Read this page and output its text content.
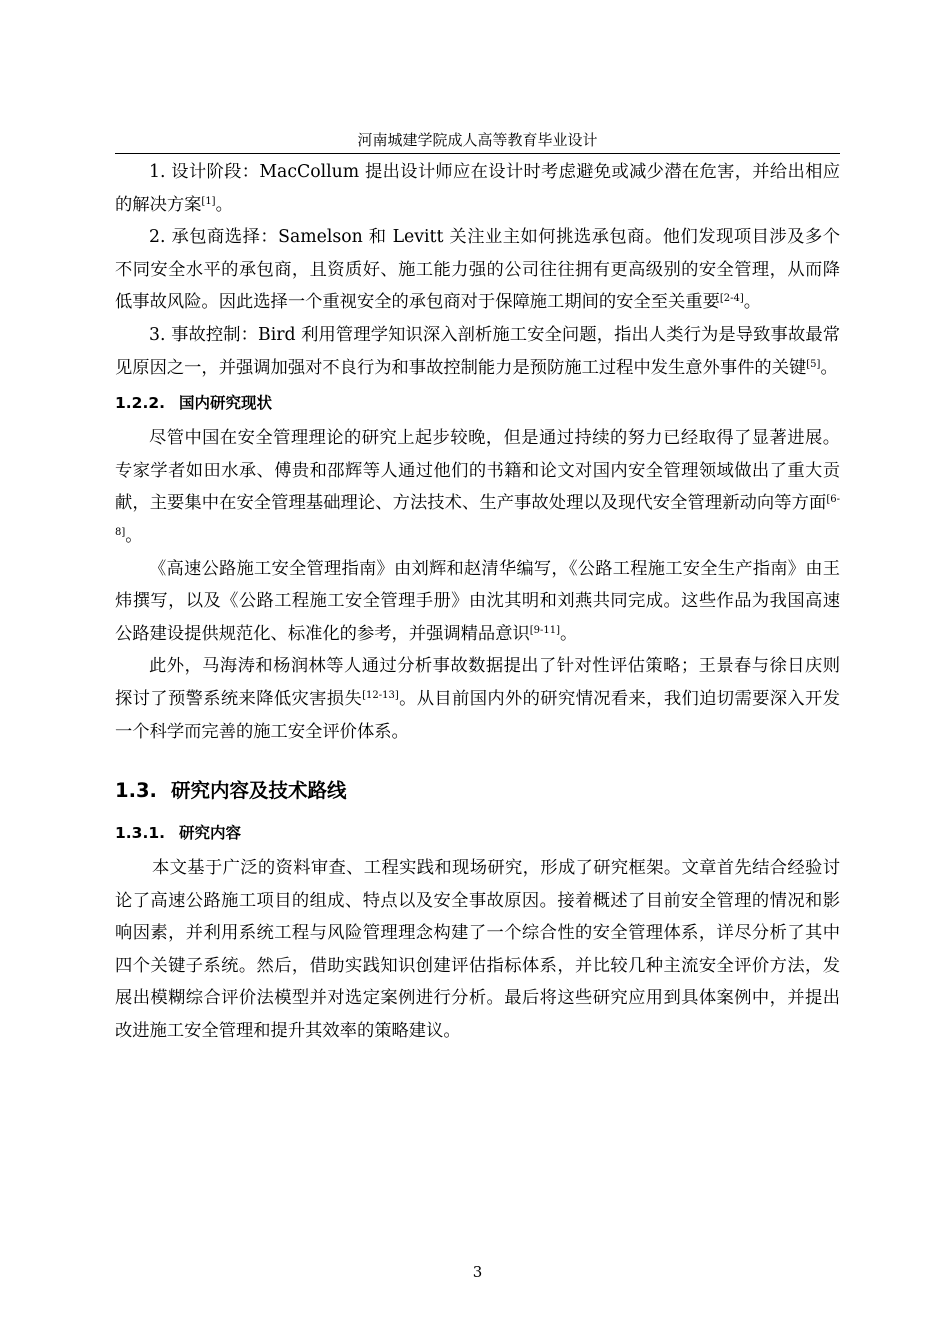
河南城建学院成人高等教育毕业设计

1. 设计阶段：MacCollum 提出设计师应在设计时考虑避免或减少潜在危害，并给出相应的解决方案[1]。

2. 承包商选择：Samelson 和 Levitt 关注业主如何挑选承包商。他们发现项目涉及多个不同安全水平的承包商，且资质好、施工能力强的公司往往拥有更高级别的安全管理，从而降低事故风险。因此选择一个重视安全的承包商对于保障施工期间的安全至关重要[2-4]。

3. 事故控制：Bird 利用管理学知识深入剖析施工安全问题，指出人类行为是导致事故最常见原因之一，并强调加强对不良行为和事故控制能力是预防施工过程中发生意外事件的关键[5]。

1.2.2. 国内研究现状

尽管中国在安全管理理论的研究上起步较晚，但是通过持续的努力已经取得了显著进展。专家学者如田水承、傅贵和邵辉等人通过他们的书籍和论文对国内安全管理领域做出了重大贡献，主要集中在安全管理基础理论、方法技术、生产事故处理以及现代安全管理新动向等方面[6-8]。

《高速公路施工安全管理指南》由刘辉和赵清华编写，《公路工程施工安全生产指南》由王炜撰写，以及《公路工程施工安全管理手册》由沈其明和刘燕共同完成。这些作品为我国高速公路建设提供规范化、标准化的参考，并强调精品意识[9-11]。

此外，马海涛和杨润林等人通过分析事故数据提出了针对性评估策略；王景春与徐日庆则探讨了预警系统来降低灾害损失[12-13]。从目前国内外的研究情况看来，我们迫切需要深入开发一个科学而完善的施工安全评价体系。

1.3. 研究内容及技术路线
1.3.1. 研究内容

本文基于广泛的资料审查、工程实践和现场研究，形成了研究框架。文章首先结合经验讨论了高速公路施工项目的组成、特点以及安全事故原因。接着概述了目前安全管理的情况和影响因素，并利用系统工程与风险管理理念构建了一个综合性的安全管理体系，详尽分析了其中四个关键子系统。然后，借助实践知识创建评估指标体系，并比较几种主流安全评价方法，发展出模糊综合评价法模型并对选定案例进行分析。最后将这些研究应用到具体案例中，并提出改进施工安全管理和提升其效率的策略建议。

3
